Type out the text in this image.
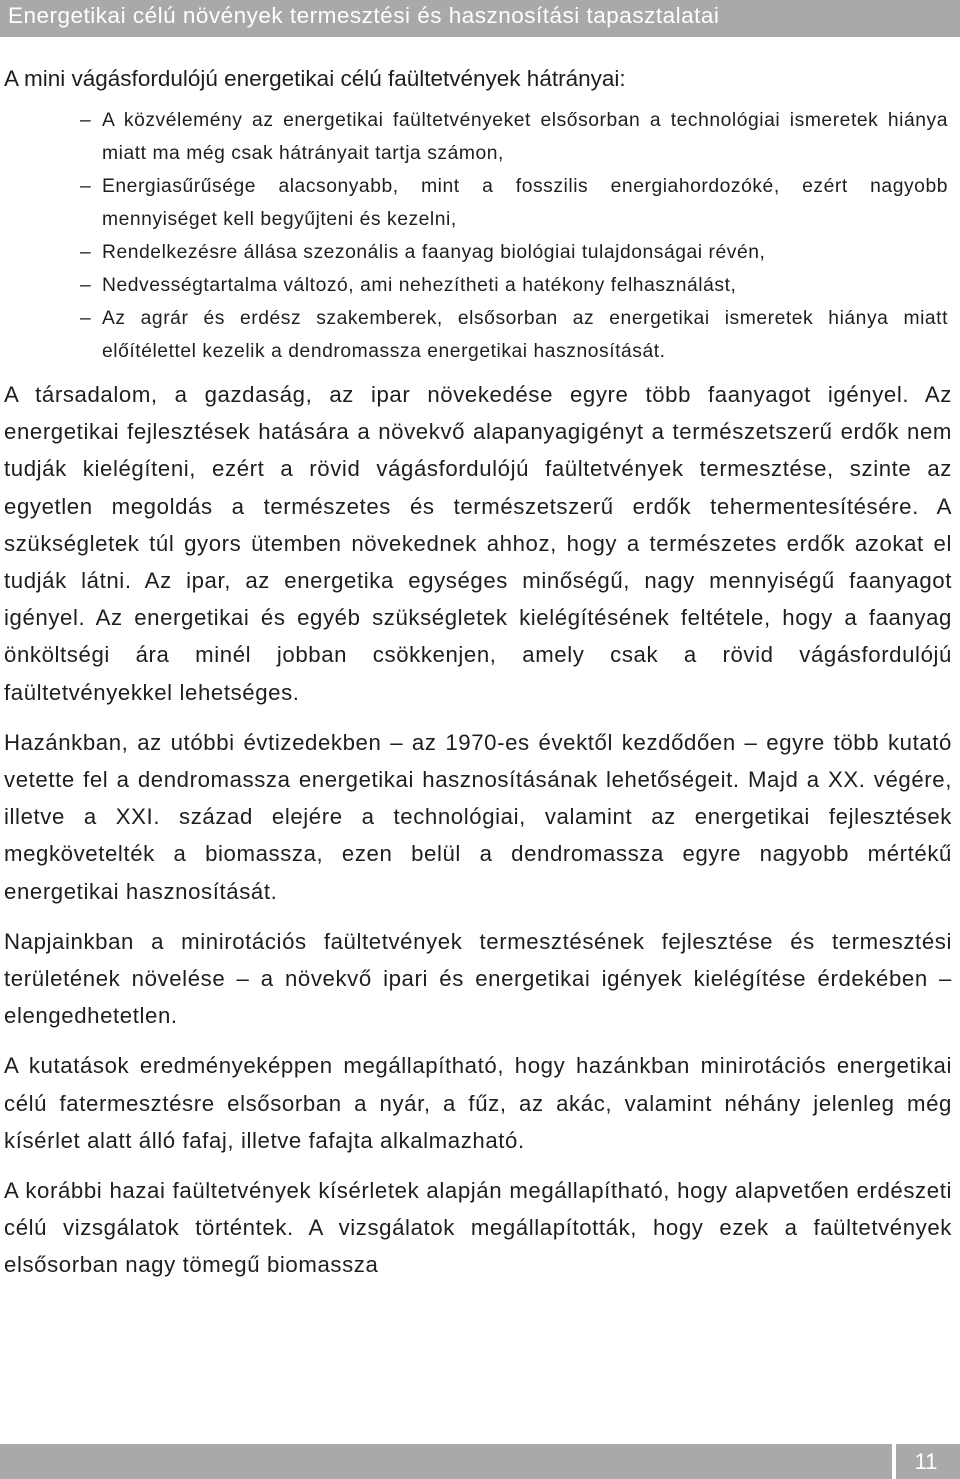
Energetikai célú növények termesztési és hasznosítási tapasztalatai
A mini vágásfordulójú energetikai célú faültetvények hátrányai:
– A közvélemény az energetikai faültetvényeket elsősorban a technológiai ismeretek hiánya miatt ma még csak hátrányait tartja számon,
– Energiasűrűsége alacsonyabb, mint a fosszilis energiahordozóké, ezért nagyobb mennyiséget kell begyűjteni és kezelni,
– Rendelkezésre állása szezonális a faanyag biológiai tulajdonságai révén,
– Nedvességtartalma változó, ami nehezítheti a hatékony felhasználást,
– Az agrár és erdész szakemberek, elsősorban az energetikai ismeretek hiánya miatt előítélettel kezelik a dendromassza energetikai hasznosítását.

A társadalom, a gazdaság, az ipar növekedése egyre több faanyagot igényel. Az energetikai fejlesztések hatására a növekvő alapanyagigényt a természetszerű erdők nem tudják kielégíteni, ezért a rövid vágásfordulójú faültetvények termesztése, szinte az egyetlen megoldás a természetes és természetszerű erdők tehermentesítésére. A szükségletek túl gyors ütemben növekednek ahhoz, hogy a természetes erdők azokat el tudják látni. Az ipar, az energetika egységes minőségű, nagy mennyiségű faanyagot igényel. Az energetikai és egyéb szükségletek kielégítésének feltétele, hogy a faanyag önköltségi ára minél jobban csökkenjen, amely csak a rövid vágásfordulójú faültetvényekkel lehetséges.

Hazánkban, az utóbbi évtizedekben – az 1970-es évektől kezdődően – egyre több kutató vetette fel a dendromassza energetikai hasznosításának lehetőségeit. Majd a XX. végére, illetve a XXI. század elejére a technológiai, valamint az energetikai fejlesztések megkövetelték a biomassza, ezen belül a dendromassza egyre nagyobb mértékű energetikai hasznosítását.

Napjainkban a minirotációs faültetvények termesztésének fejlesztése és termesztési területének növelése – a növekvő ipari és energetikai igények kielégítése érdekében – elengedhetetlen.

A kutatások eredményeképpen megállapítható, hogy hazánkban minirotációs energetikai célú fatermesztésre elsősorban a nyár, a fűz, az akác, valamint néhány jelenleg még kísérlet alatt álló fafaj, illetve fafajta alkalmazható.

A korábbi hazai faültetvények kísérletek alapján megállapítható, hogy alapvetően erdészeti célú vizsgálatok történtek. A vizsgálatok megállapították, hogy ezek a faültetvények elsősorban nagy tömegű biomassza

11
